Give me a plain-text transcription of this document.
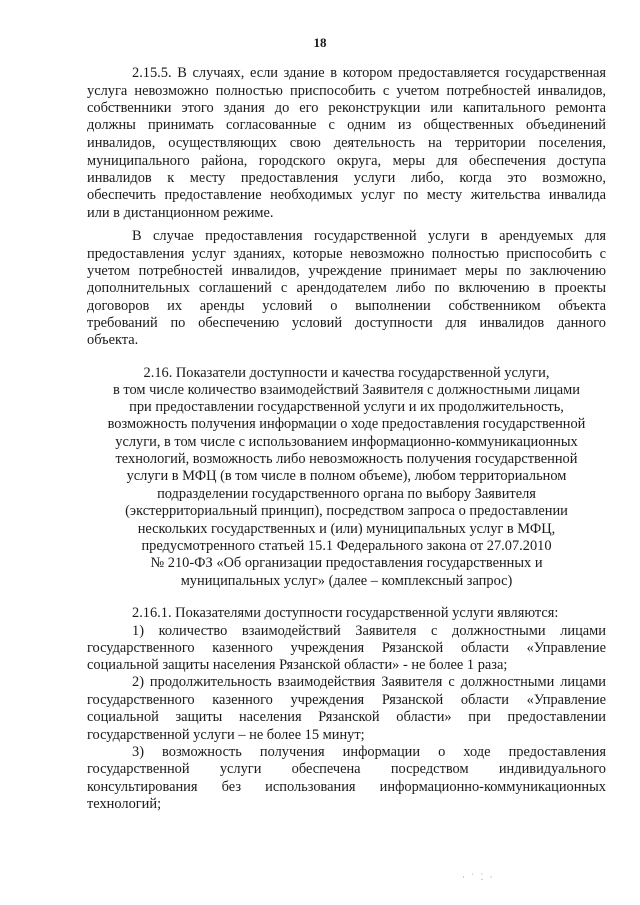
18
2.15.5. В случаях, если здание в котором предоставляется государственная
услуга невозможно полностью приспособить с учетом потребностей инвалидов,
собственники этого здания до его реконструкции или капитального ремонта
должны принимать согласованные с одним из общественных объединений
инвалидов, осуществляющих свою деятельность на территории поселения,
муниципального района, городского округа, меры для обеспечения доступа
инвалидов к месту предоставления услуги либо, когда это возможно,
обеспечить предоставление необходимых услуг по месту жительства инвалида
или в дистанционном режиме.
В случае предоставления государственной услуги в арендуемых для
предоставления услуг зданиях, которые невозможно полностью приспособить с
учетом потребностей инвалидов, учреждение принимает меры по заключению
дополнительных соглашений с арендодателем либо по включению в проекты
договоров их аренды условий о выполнении собственником объекта
требований по обеспечению условий доступности для инвалидов данного
объекта.
2.16. Показатели доступности и качества государственной услуги,
в том числе количество взаимодействий Заявителя с должностными лицами
при предоставлении государственной услуги и их продолжительность,
возможность получения информации о ходе предоставления государственной
услуги, в том числе с использованием информационно-коммуникационных
технологий, возможность либо невозможность получения государственной
услуги в МФЦ (в том числе в полном объеме), любом территориальном
подразделении государственного органа по выбору Заявителя
(экстерриториальный принцип), посредством запроса о предоставлении
нескольких государственных и (или) муниципальных услуг в МФЦ,
предусмотренного статьей 15.1 Федерального закона от 27.07.2010
№ 210-ФЗ «Об организации предоставления государственных и
муниципальных услуг» (далее – комплексный запрос)
2.16.1. Показателями доступности государственной услуги являются:
1) количество взаимодействий Заявителя с должностными лицами
государственного казенного учреждения Рязанской области «Управление
социальной защиты населения Рязанской области» - не более 1 раза;
2) продолжительность взаимодействия Заявителя с должностными лицами
государственного казенного учреждения Рязанской области «Управление
социальной защиты населения Рязанской области» при предоставлении
государственной услуги – не более 15 минут;
3) возможность получения информации о ходе предоставления
государственной услуги обеспечена посредством индивидуального
консультирования без использования информационно-коммуникационных
технологий;
· ˙ ⁚ ·
